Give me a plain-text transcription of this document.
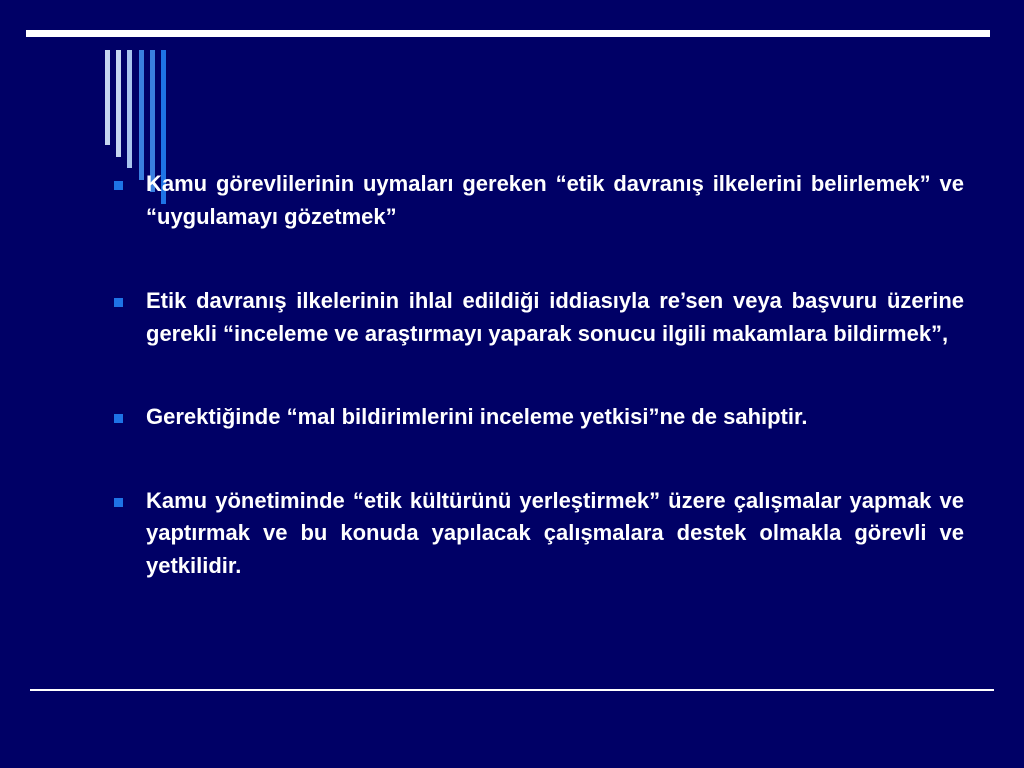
Kamu görevlilerinin uymaları gereken “etik davranış ilkelerini belirlemek” ve “uygulamayı gözetmek”
Etik davranış ilkelerinin ihlal edildiği iddiasıyla re’sen veya başvuru üzerine gerekli “inceleme ve araştırmayı yaparak sonucu ilgili makamlara bildirmek”,
Gerektiğinde “mal bildirimlerini inceleme yetkisi”ne de sahiptir.
Kamu yönetiminde “etik kültürünü yerleştirmek” üzere çalışmalar yapmak ve yaptırmak ve bu konuda yapılacak çalışmalara destek olmakla görevli ve yetkilidir.
